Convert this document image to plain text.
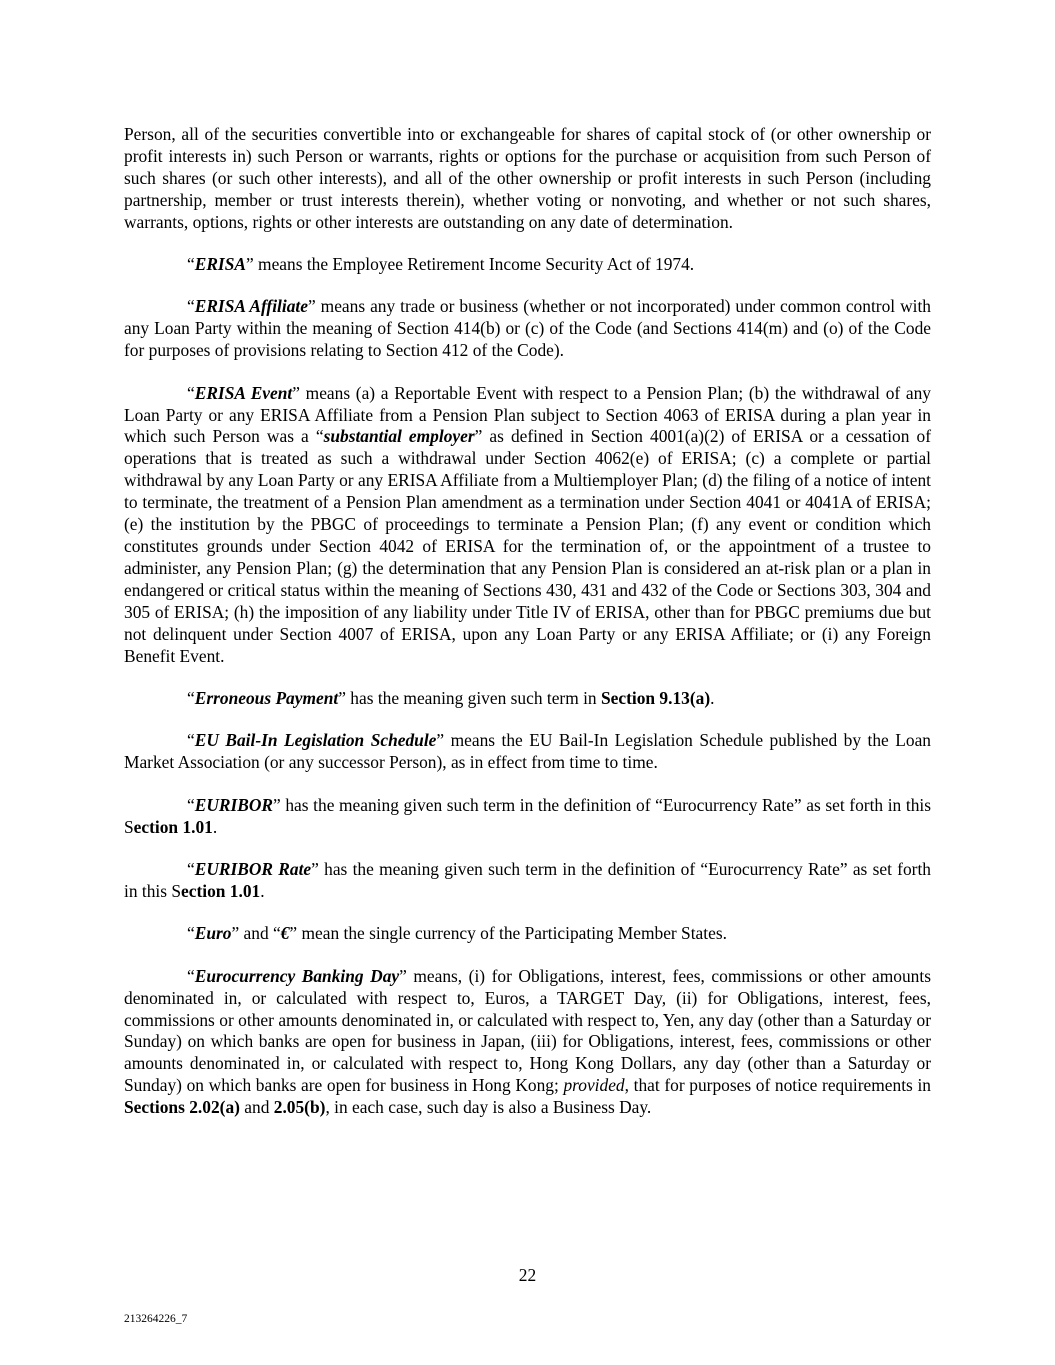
Person, all of the securities convertible into or exchangeable for shares of capital stock of (or other ownership or profit interests in) such Person or warrants, rights or options for the purchase or acquisition from such Person of such shares (or such other interests), and all of the other ownership or profit interests in such Person (including partnership, member or trust interests therein), whether voting or nonvoting, and whether or not such shares, warrants, options, rights or other interests are outstanding on any date of determination.

“ERISA” means the Employee Retirement Income Security Act of 1974.

“ERISA Affiliate” means any trade or business (whether or not incorporated) under common control with any Loan Party within the meaning of Section 414(b) or (c) of the Code (and Sections 414(m) and (o) of the Code for purposes of provisions relating to Section 412 of the Code).

“ERISA Event” means (a) a Reportable Event with respect to a Pension Plan; (b) the withdrawal of any Loan Party or any ERISA Affiliate from a Pension Plan subject to Section 4063 of ERISA during a plan year in which such Person was a “substantial employer” as defined in Section 4001(a)(2) of ERISA or a cessation of operations that is treated as such a withdrawal under Section 4062(e) of ERISA; (c) a complete or partial withdrawal by any Loan Party or any ERISA Affiliate from a Multiemployer Plan; (d) the filing of a notice of intent to terminate, the treatment of a Pension Plan amendment as a termination under Section 4041 or 4041A of ERISA; (e) the institution by the PBGC of proceedings to terminate a Pension Plan; (f) any event or condition which constitutes grounds under Section 4042 of ERISA for the termination of, or the appointment of a trustee to administer, any Pension Plan; (g) the determination that any Pension Plan is considered an at-risk plan or a plan in endangered or critical status within the meaning of Sections 430, 431 and 432 of the Code or Sections 303, 304 and 305 of ERISA; (h) the imposition of any liability under Title IV of ERISA, other than for PBGC premiums due but not delinquent under Section 4007 of ERISA, upon any Loan Party or any ERISA Affiliate; or (i) any Foreign Benefit Event.

“Erroneous Payment” has the meaning given such term in Section 9.13(a).

“EU Bail-In Legislation Schedule” means the EU Bail-In Legislation Schedule published by the Loan Market Association (or any successor Person), as in effect from time to time.

“EURIBOR” has the meaning given such term in the definition of “Eurocurrency Rate” as set forth in this Section 1.01.

“EURIBOR Rate” has the meaning given such term in the definition of “Eurocurrency Rate” as set forth in this Section 1.01.

“Euro” and “€” mean the single currency of the Participating Member States.

“Eurocurrency Banking Day” means, (i) for Obligations, interest, fees, commissions or other amounts denominated in, or calculated with respect to, Euros, a TARGET Day, (ii) for Obligations, interest, fees, commissions or other amounts denominated in, or calculated with respect to, Yen, any day (other than a Saturday or Sunday) on which banks are open for business in Japan, (iii) for Obligations, interest, fees, commissions or other amounts denominated in, or calculated with respect to, Hong Kong Dollars, any day (other than a Saturday or Sunday) on which banks are open for business in Hong Kong; provided, that for purposes of notice requirements in Sections 2.02(a) and 2.05(b), in each case, such day is also a Business Day.

22
213264226_7
